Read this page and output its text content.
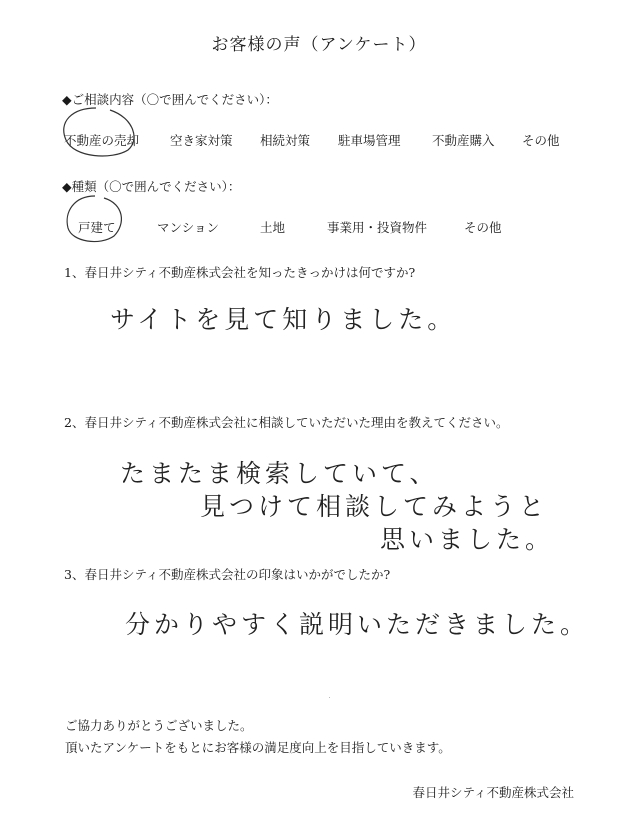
お客様の声（アンケート）
◆ご相談内容（〇で囲んでください）：
不動産の売却 空き家対策 相続対策 駐車場管理	不動産購入 その他
◆種類（〇で囲んでください）：
戸建て	マンション	土地	事業用・投資物件	その他
1、春日井シティ不動産株式会社を知ったきっかけは何ですか?
サイトを見て知りました。
2、春日井シティ不動産株式会社に相談していただいた理由を教えてください。
たまたま検索していて、
見つけて相談してみようと
思いました。
3、春日井シティ不動産株式会社の印象はいかがでしたか?
分かりやすく説明いただきました。
ご協力ありがとうございました。
頂いたアンケートをもとにお客様の満足度向上を目指していきます。
春日井シティ不動産株式会社
